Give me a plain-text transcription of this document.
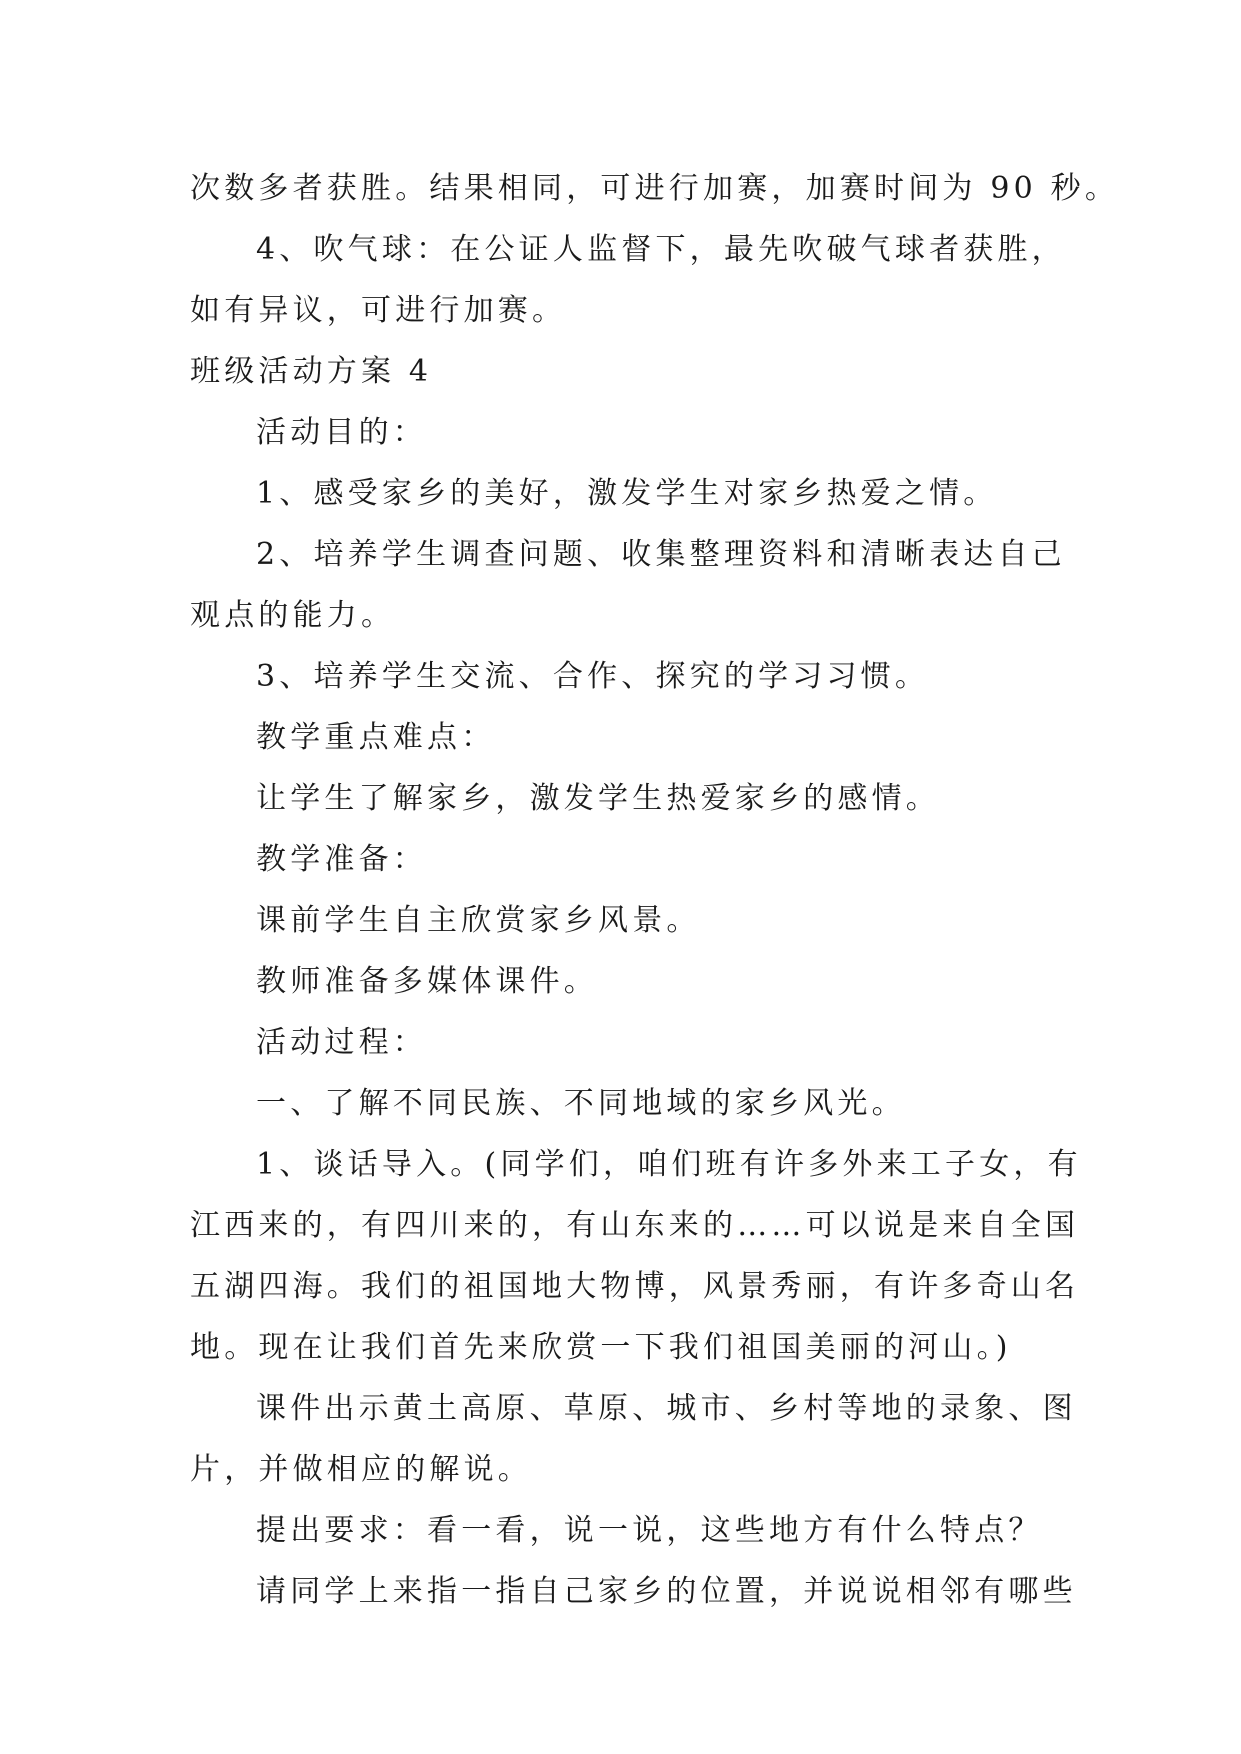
次数多者获胜。结果相同，可进行加赛，加赛时间为 90 秒。
4、吹气球：在公证人监督下，最先吹破气球者获胜，
如有异议，可进行加赛。
班级活动方案 4
活动目的：
1、感受家乡的美好，激发学生对家乡热爱之情。
2、培养学生调查问题、收集整理资料和清晰表达自己
观点的能力。
3、培养学生交流、合作、探究的学习习惯。
教学重点难点：
让学生了解家乡，激发学生热爱家乡的感情。
教学准备：
课前学生自主欣赏家乡风景。
教师准备多媒体课件。
活动过程：
一、了解不同民族、不同地域的家乡风光。
1、谈话导入。(同学们，咱们班有许多外来工子女，有
江西来的，有四川来的，有山东来的……可以说是来自全国
五湖四海。我们的祖国地大物博，风景秀丽，有许多奇山名
地。现在让我们首先来欣赏一下我们祖国美丽的河山。)
课件出示黄土高原、草原、城市、乡村等地的录象、图
片，并做相应的解说。
提出要求：看一看，说一说，这些地方有什么特点？
请同学上来指一指自己家乡的位置，并说说相邻有哪些
